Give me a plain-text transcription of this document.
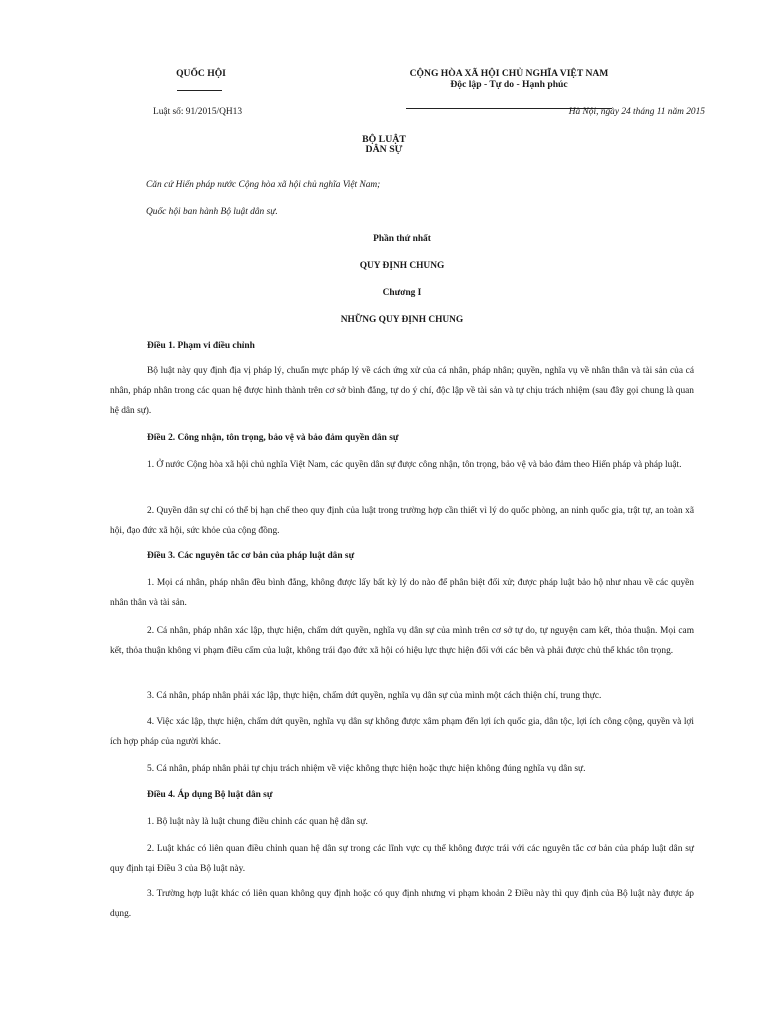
QUỐC HỘI	CỘNG HÒA XÃ HỘI CHỦ NGHĨA VIỆT NAM
Độc lập - Tự do - Hạnh phúc
Luật số: 91/2015/QH13	Hà Nội, ngày 24 tháng 11 năm 2015
BỘ LUẬT
DÂN SỰ
Căn cứ Hiến pháp nước Cộng hòa xã hội chủ nghĩa Việt Nam;
Quốc hội ban hành Bộ luật dân sự.
Phần thứ nhất
QUY ĐỊNH CHUNG
Chương I
NHỮNG QUY ĐỊNH CHUNG
Điều 1. Phạm vi điều chỉnh
Bộ luật này quy định địa vị pháp lý, chuẩn mực pháp lý về cách ứng xử của cá nhân, pháp nhân; quyền, nghĩa vụ về nhân thân và tài sản của cá nhân, pháp nhân trong các quan hệ được hình thành trên cơ sở bình đẳng, tự do ý chí, độc lập về tài sản và tự chịu trách nhiệm (sau đây gọi chung là quan hệ dân sự).
Điều 2. Công nhận, tôn trọng, bảo vệ và bảo đảm quyền dân sự
1. Ở nước Cộng hòa xã hội chủ nghĩa Việt Nam, các quyền dân sự được công nhận, tôn trọng, bảo vệ và bảo đảm theo Hiến pháp và pháp luật.
2. Quyền dân sự chỉ có thể bị hạn chế theo quy định của luật trong trường hợp cần thiết vì lý do quốc phòng, an ninh quốc gia, trật tự, an toàn xã hội, đạo đức xã hội, sức khỏe của cộng đồng.
Điều 3. Các nguyên tắc cơ bản của pháp luật dân sự
1. Mọi cá nhân, pháp nhân đều bình đẳng, không được lấy bất kỳ lý do nào để phân biệt đối xử; được pháp luật bảo hộ như nhau về các quyền nhân thân và tài sản.
2. Cá nhân, pháp nhân xác lập, thực hiện, chấm dứt quyền, nghĩa vụ dân sự của mình trên cơ sở tự do, tự nguyện cam kết, thỏa thuận. Mọi cam kết, thỏa thuận không vi phạm điều cấm của luật, không trái đạo đức xã hội có hiệu lực thực hiện đối với các bên và phải được chủ thể khác tôn trọng.
3. Cá nhân, pháp nhân phải xác lập, thực hiện, chấm dứt quyền, nghĩa vụ dân sự của mình một cách thiện chí, trung thực.
4. Việc xác lập, thực hiện, chấm dứt quyền, nghĩa vụ dân sự không được xâm phạm đến lợi ích quốc gia, dân tộc, lợi ích công cộng, quyền và lợi ích hợp pháp của người khác.
5. Cá nhân, pháp nhân phải tự chịu trách nhiệm về việc không thực hiện hoặc thực hiện không đúng nghĩa vụ dân sự.
Điều 4. Áp dụng Bộ luật dân sự
1. Bộ luật này là luật chung điều chỉnh các quan hệ dân sự.
2. Luật khác có liên quan điều chỉnh quan hệ dân sự trong các lĩnh vực cụ thể không được trái với các nguyên tắc cơ bản của pháp luật dân sự quy định tại Điều 3 của Bộ luật này.
3. Trường hợp luật khác có liên quan không quy định hoặc có quy định nhưng vi phạm khoản 2 Điều này thì quy định của Bộ luật này được áp dụng.
